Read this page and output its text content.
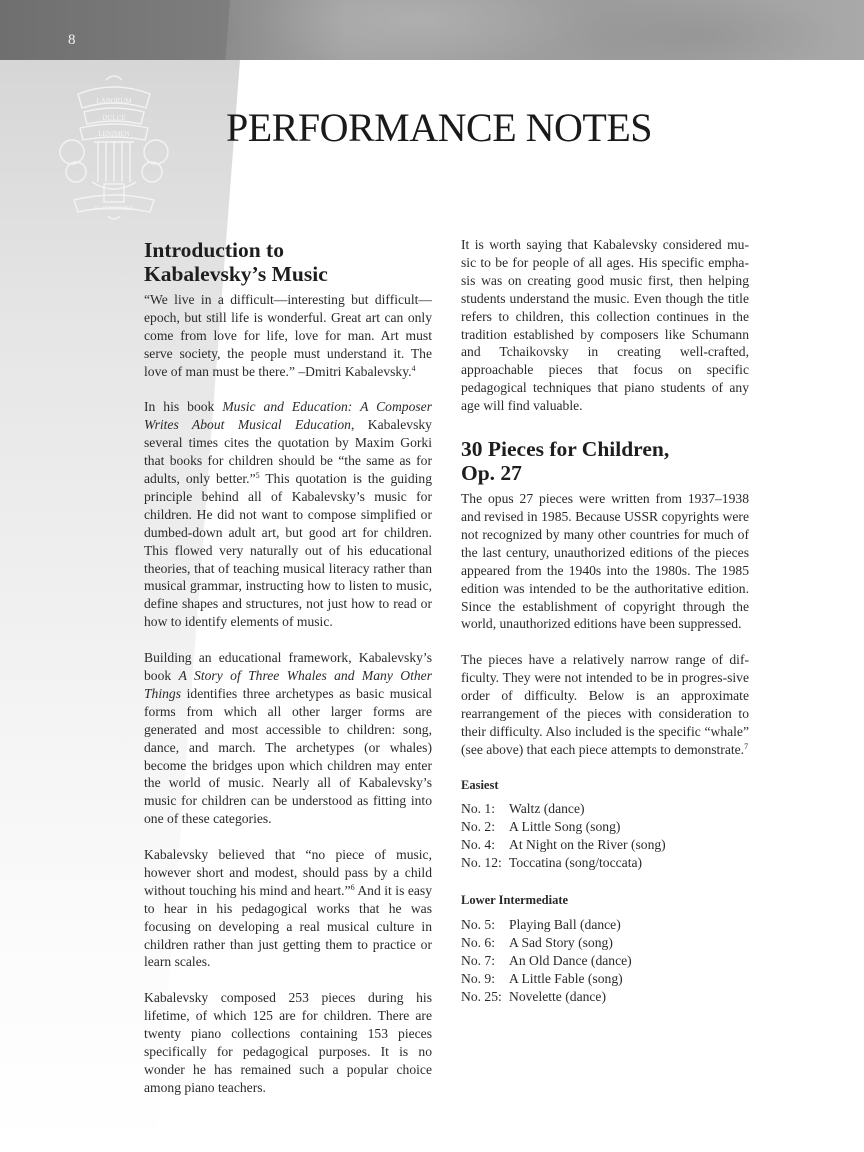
8
LABORUM
DULCE
LENIMEN
G. SCHIRMER
PERFORMANCE NOTES
Introduction to
Kabalevsky’s Music

“We live in a difficult—interesting but difficult—epoch, but still life is wonderful. Great art can only come from love for life, love for man. Art must serve society, the people must understand it. The love of man must be there.” –Dmitri Kabalevsky.$^4$

In his book Music and Education: A Composer Writes About Musical Education, Kabalevsky several times cites the quotation by Maxim Gorki that books for children should be “the same as for adults, only better.”$^5$ This quotation is the guiding principle behind all of Kabalevsky’s music for children. He did not want to compose simplified or dumbed-down adult art, but good art for children. This flowed very naturally out of his educational theories, that of teaching musical literacy rather than musical grammar, instructing how to listen to music, define shapes and structures, not just how to read or how to identify elements of music.

Building an educational framework, Kabalevsky’s book A Story of Three Whales and Many Other Things identifies three archetypes as basic musical forms from which all other larger forms are generated and most accessible to children: song, dance, and march. The archetypes (or whales) become the bridges upon which children may enter the world of music. Nearly all of Kabalevsky’s music for children can be understood as fitting into one of these categories.

Kabalevsky believed that “no piece of music, however short and modest, should pass by a child without touching his mind and heart.”$^6$ And it is easy to hear in his pedagogical works that he was focusing on developing a real musical culture in children rather than just getting them to practice or learn scales.

Kabalevsky composed 253 pieces during his lifetime, of which 125 are for children. There are twenty piano collections containing 153 pieces specifically for pedagogical purposes. It is no wonder he has remained such a popular choice among piano teachers.

It is worth saying that Kabalevsky considered mu-sic to be for people of all ages. His specific empha-sis was on creating good music first, then helping students understand the music. Even though the title refers to children, this collection continues in the tradition established by composers like Schumann and Tchaikovsky in creating well-crafted, approachable pieces that focus on specific pedagogical techniques that piano students of any age will find valuable.

30 Pieces for Children,
Op. 27

The opus 27 pieces were written from 1937–1938 and revised in 1985. Because USSR copyrights were not recognized by many other countries for much of the last century, unauthorized editions of the pieces appeared from the 1940s into the 1980s. The 1985 edition was intended to be the authoritative edition. Since the establishment of copyright through the world, unauthorized editions have been suppressed.

The pieces have a relatively narrow range of dif-ficulty. They were not intended to be in progres-sive order of difficulty. Below is an approximate rearrangement of the pieces with consideration to their difficulty. Also included is the specific “whale” (see above) that each piece attempts to demonstrate.$^7$

Easiest
No. 1:	Waltz (dance)
No. 2:	A Little Song (song)
No. 4:	At Night on the River (song)
No. 12: Toccatina (song/toccata)
Lower Intermediate
No. 5:	Playing Ball (dance)
No. 6:	A Sad Story (song)
No. 7:	An Old Dance (dance)
No. 9:	A Little Fable (song)
No. 25: Novelette (dance)
